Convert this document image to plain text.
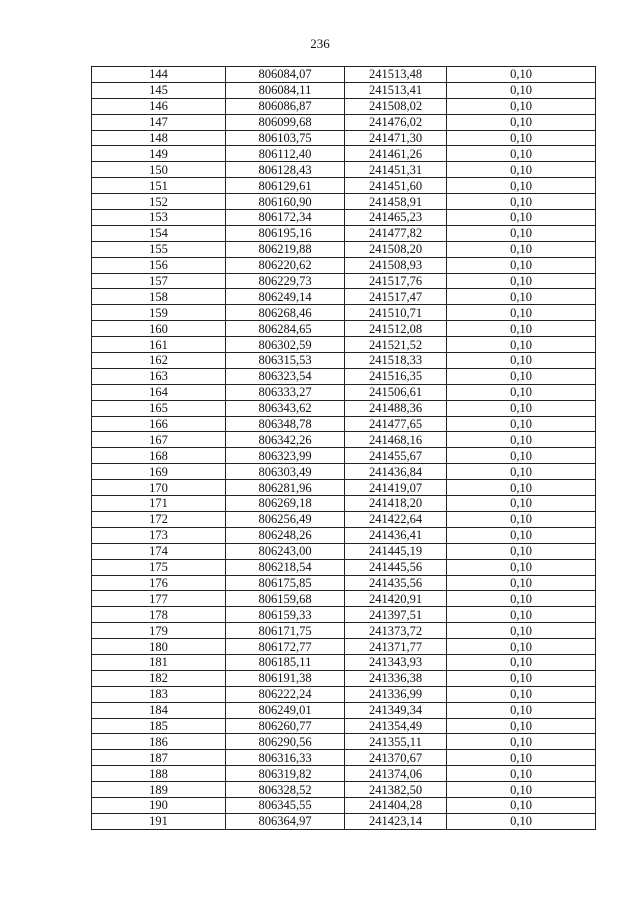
236
144	806084,07	241513,48	0,10
145	806084,11	241513,41	0,10
146	806086,87	241508,02	0,10
147	806099,68	241476,02	0,10
148	806103,75	241471,30	0,10
149	806112,40	241461,26	0,10
150	806128,43	241451,31	0,10
151	806129,61	241451,60	0,10
152	806160,90	241458,91	0,10
153	806172,34	241465,23	0,10
154	806195,16	241477,82	0,10
155	806219,88	241508,20	0,10
156	806220,62	241508,93	0,10
157	806229,73	241517,76	0,10
158	806249,14	241517,47	0,10
159	806268,46	241510,71	0,10
160	806284,65	241512,08	0,10
161	806302,59	241521,52	0,10
162	806315,53	241518,33	0,10
163	806323,54	241516,35	0,10
164	806333,27	241506,61	0,10
165	806343,62	241488,36	0,10
166	806348,78	241477,65	0,10
167	806342,26	241468,16	0,10
168	806323,99	241455,67	0,10
169	806303,49	241436,84	0,10
170	806281,96	241419,07	0,10
171	806269,18	241418,20	0,10
172	806256,49	241422,64	0,10
173	806248,26	241436,41	0,10
174	806243,00	241445,19	0,10
175	806218,54	241445,56	0,10
176	806175,85	241435,56	0,10
177	806159,68	241420,91	0,10
178	806159,33	241397,51	0,10
179	806171,75	241373,72	0,10
180	806172,77	241371,77	0,10
181	806185,11	241343,93	0,10
182	806191,38	241336,38	0,10
183	806222,24	241336,99	0,10
184	806249,01	241349,34	0,10
185	806260,77	241354,49	0,10
186	806290,56	241355,11	0,10
187	806316,33	241370,67	0,10
188	806319,82	241374,06	0,10
189	806328,52	241382,50	0,10
190	806345,55	241404,28	0,10
191	806364,97	241423,14	0,10
